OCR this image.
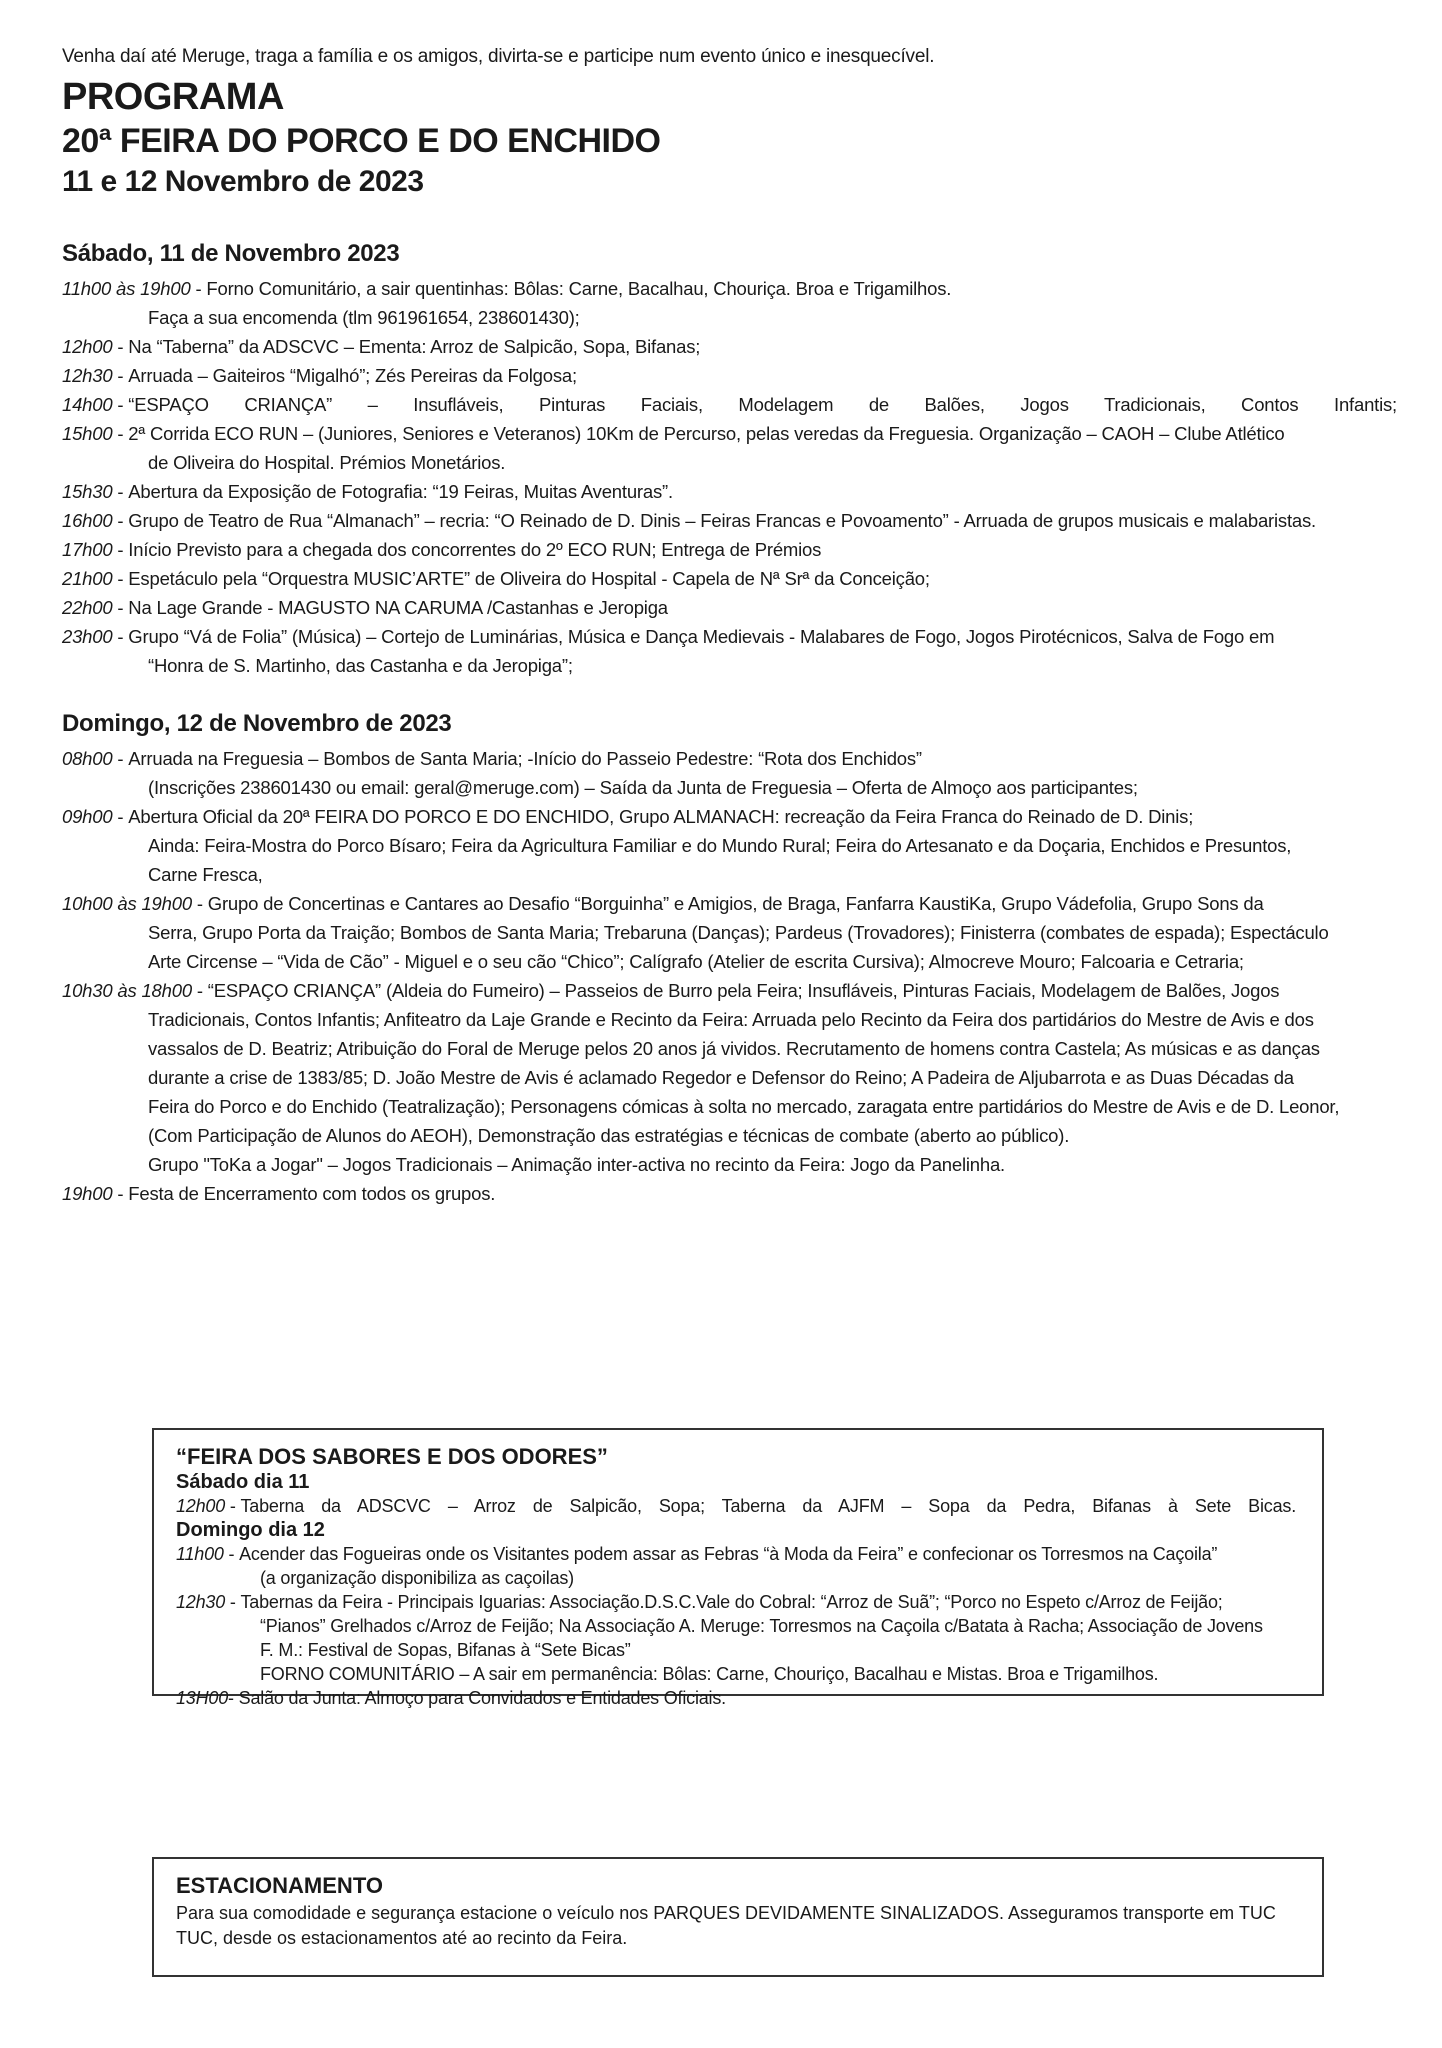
Venha daí até Meruge, traga a família e os amigos, divirta-se e participe num evento único e inesquecível.

PROGRAMA

20ª FEIRA DO PORCO E DO ENCHIDO

11 e 12 Novembro de 2023

Sábado, 11 de Novembro 2023

11h00 às 19h00 - Forno Comunitário, a sair quentinhas: Bôlas: Carne, Bacalhau, Chouriça. Broa e Trigamilhos.
Faça a sua encomenda (tlm 961961654, 238601430);
12h00 - Na “Taberna” da ADSCVC – Ementa: Arroz de Salpicão, Sopa, Bifanas;
12h30 - Arruada – Gaiteiros “Migalhó”; Zés Pereiras da Folgosa;
14h00 - “ESPAÇO CRIANÇA” – Insufláveis, Pinturas Faciais, Modelagem de Balões, Jogos Tradicionais, Contos Infantis;
15h00 - 2ª Corrida ECO RUN – (Juniores, Seniores e Veteranos) 10Km de Percurso, pelas veredas da Freguesia. Organização – CAOH – Clube Atlético
de Oliveira do Hospital. Prémios Monetários.
15h30 - Abertura da Exposição de Fotografia: “19 Feiras, Muitas Aventuras”.
16h00 - Grupo de Teatro de Rua “Almanach” – recria: “O Reinado de D. Dinis – Feiras Francas e Povoamento” - Arruada de grupos musicais e malabaristas.
17h00 - Início Previsto para a chegada dos concorrentes do 2º ECO RUN; Entrega de Prémios
21h00 - Espetáculo pela “Orquestra MUSIC’ARTE” de Oliveira do Hospital - Capela de Nª Srª da Conceição;
22h00 - Na Lage Grande - MAGUSTO NA CARUMA /Castanhas e Jeropiga
23h00 - Grupo “Vá de Folia” (Música) – Cortejo de Luminárias, Música e Dança Medievais - Malabares de Fogo, Jogos Pirotécnicos, Salva de Fogo em
“Honra de S. Martinho, das Castanha e da Jeropiga”;

Domingo, 12 de Novembro de 2023

08h00 - Arruada na Freguesia – Bombos de Santa Maria; -Início do Passeio Pedestre: “Rota dos Enchidos”
(Inscrições 238601430 ou email: geral@meruge.com) – Saída da Junta de Freguesia – Oferta de Almoço aos participantes;
09h00 - Abertura Oficial da 20ª FEIRA DO PORCO E DO ENCHIDO, Grupo ALMANACH: recreação da Feira Franca do Reinado de D. Dinis;
Ainda: Feira-Mostra do Porco Bísaro; Feira da Agricultura Familiar e do Mundo Rural; Feira do Artesanato e da Doçaria, Enchidos e Presuntos,
Carne Fresca,
10h00 às 19h00 - Grupo de Concertinas e Cantares ao Desafio “Borguinha” e Amigios, de Braga, Fanfarra KaustiKa, Grupo Vádefolia, Grupo Sons da
Serra, Grupo Porta da Traição; Bombos de Santa Maria; Trebaruna (Danças); Pardeus (Trovadores); Finisterra (combates de espada); Espectáculo
Arte Circense – “Vida de Cão” - Miguel e o seu cão “Chico”; Calígrafo (Atelier de escrita Cursiva); Almocreve Mouro; Falcoaria e Cetraria;
10h30 às 18h00 - “ESPAÇO CRIANÇA” (Aldeia do Fumeiro) – Passeios de Burro pela Feira; Insufláveis, Pinturas Faciais, Modelagem de Balões, Jogos
Tradicionais, Contos Infantis; Anfiteatro da Laje Grande e Recinto da Feira: Arruada pelo Recinto da Feira dos partidários do Mestre de Avis e dos
vassalos de D. Beatriz; Atribuição do Foral de Meruge pelos 20 anos já vividos. Recrutamento de homens contra Castela; As músicas e as danças
durante a crise de 1383/85; D. João Mestre de Avis é aclamado Regedor e Defensor do Reino; A Padeira de Aljubarrota e as Duas Décadas da
Feira do Porco e do Enchido (Teatralização); Personagens cómicas à solta no mercado, zaragata entre partidários do Mestre de Avis e de D. Leonor,
(Com Participação de Alunos do AEOH), Demonstração das estratégias e técnicas de combate (aberto ao público).
Grupo "ToKa a Jogar" – Jogos Tradicionais – Animação inter-activa no recinto da Feira: Jogo da Panelinha.
19h00 - Festa de Encerramento com todos os grupos.

“FEIRA DOS SABORES E DOS ODORES”

Sábado dia 11

12h00 - Taberna da ADSCVC – Arroz de Salpicão, Sopa; Taberna da AJFM – Sopa da Pedra, Bifanas à Sete Bicas.

Domingo dia 12

11h00 - Acender das Fogueiras onde os Visitantes podem assar as Febras “à Moda da Feira” e confecionar os Torresmos na Caçoila”
(a organização disponibiliza as caçoilas)
12h30 - Tabernas da Feira - Principais Iguarias: Associação.D.S.C.Vale do Cobral: “Arroz de Suã”; “Porco no Espeto c/Arroz de Feijão;
“Pianos” Grelhados c/Arroz de Feijão; Na Associação A. Meruge: Torresmos na Caçoila c/Batata à Racha; Associação de Jovens
F. M.: Festival de Sopas, Bifanas à “Sete Bicas”
FORNO COMUNITÁRIO – A sair em permanência: Bôlas: Carne, Chouriço, Bacalhau e Mistas. Broa e Trigamilhos.
13H00 - Salão da Junta: Almoço para Convidados e Entidades Oficiais.

ESTACIONAMENTO

Para sua comodidade e segurança estacione o veículo nos PARQUES DEVIDAMENTE SINALIZADOS. Asseguramos transporte em TUC TUC, desde os estacionamentos até ao recinto da Feira.
